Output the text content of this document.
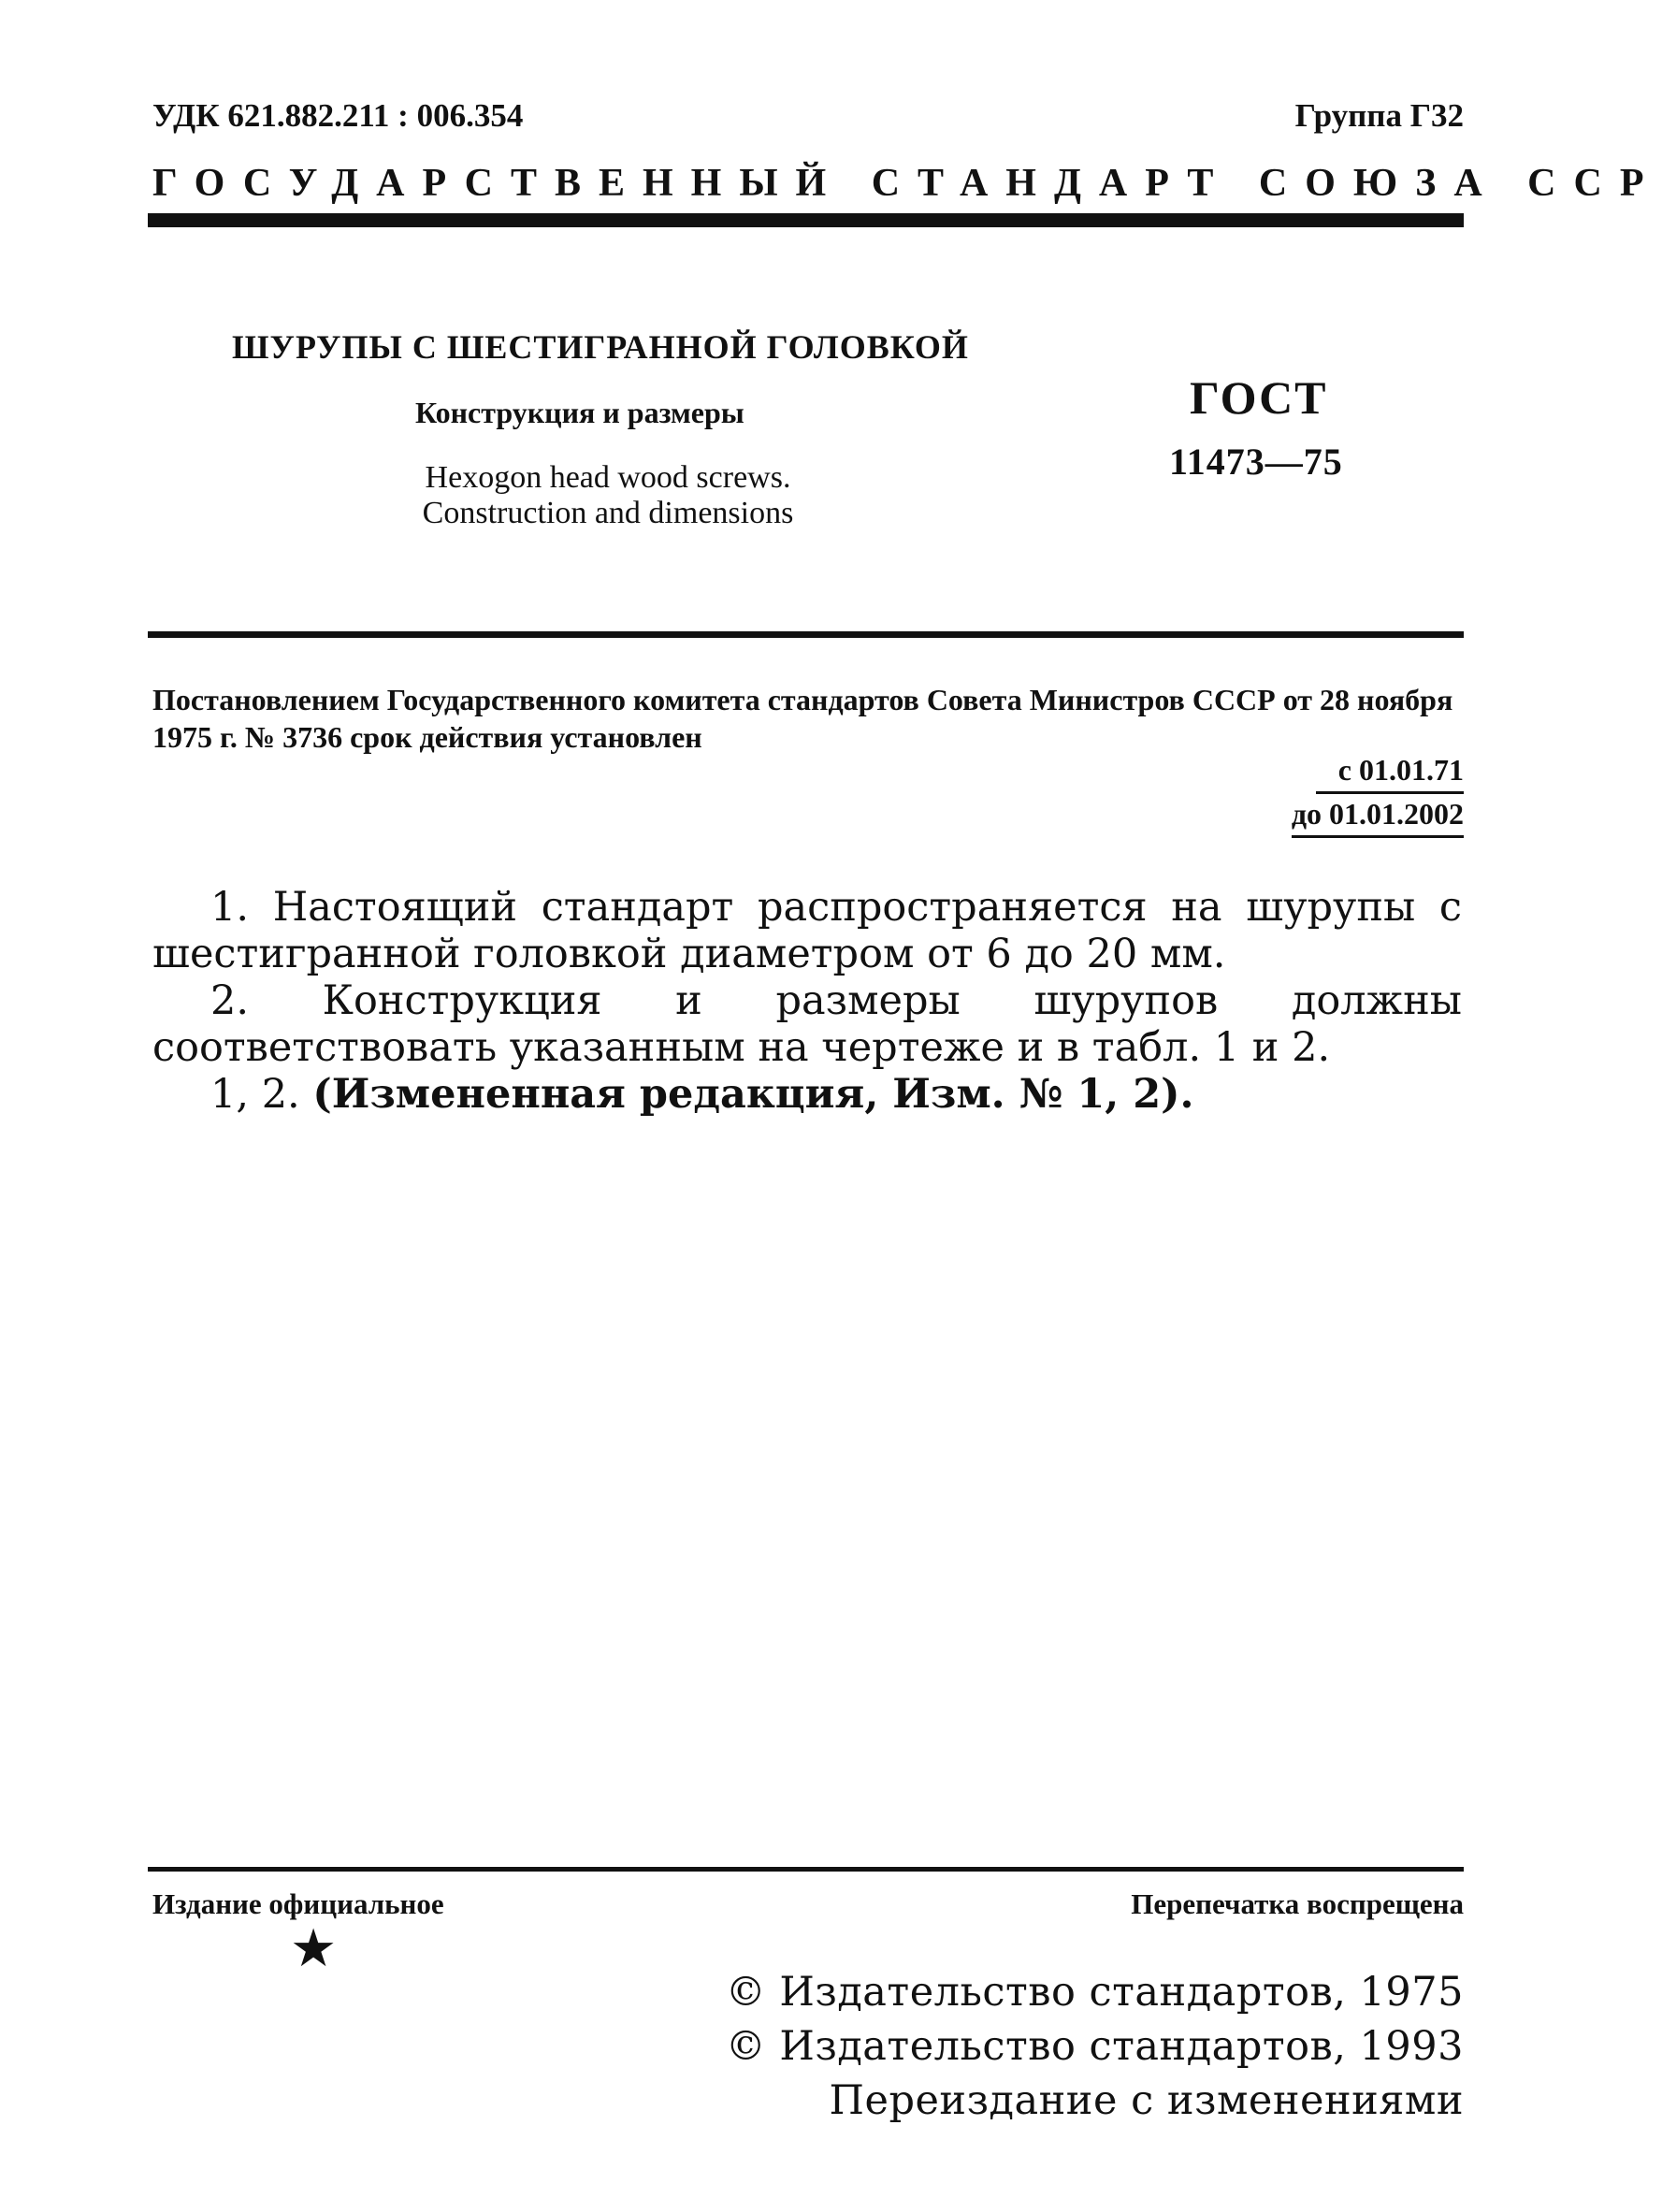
УДК 621.882.211 : 006.354	Группа Г32
ГОСУДАРСТВЕННЫЙ СТАНДАРТ СОЮЗА ССР
ШУРУПЫ С ШЕСТИГРАННОЙ ГОЛОВКОЙ
Конструкция и размеры
Hexogon head wood screws. Construction and dimensions
ГОСТ
11473—75
Постановлением Государственного комитета стандартов Совета Министров СССР от 28 ноября 1975 г. № 3736 срок действия установлен
с 01.01.71
до 01.01.2002

1. Настоящий стандарт распространяется на шурупы с шестигранной головкой диаметром от 6 до 20 мм.

2. Конструкция и размеры шурупов должны соответствовать указанным на чертеже и в табл. 1 и 2.

1, 2. (Измененная редакция, Изм. № 1, 2).

Издание официальное	Перепечатка воспрещена
★
© Издательство стандартов, 1975
© Издательство стандартов, 1993
Переиздание с изменениями
